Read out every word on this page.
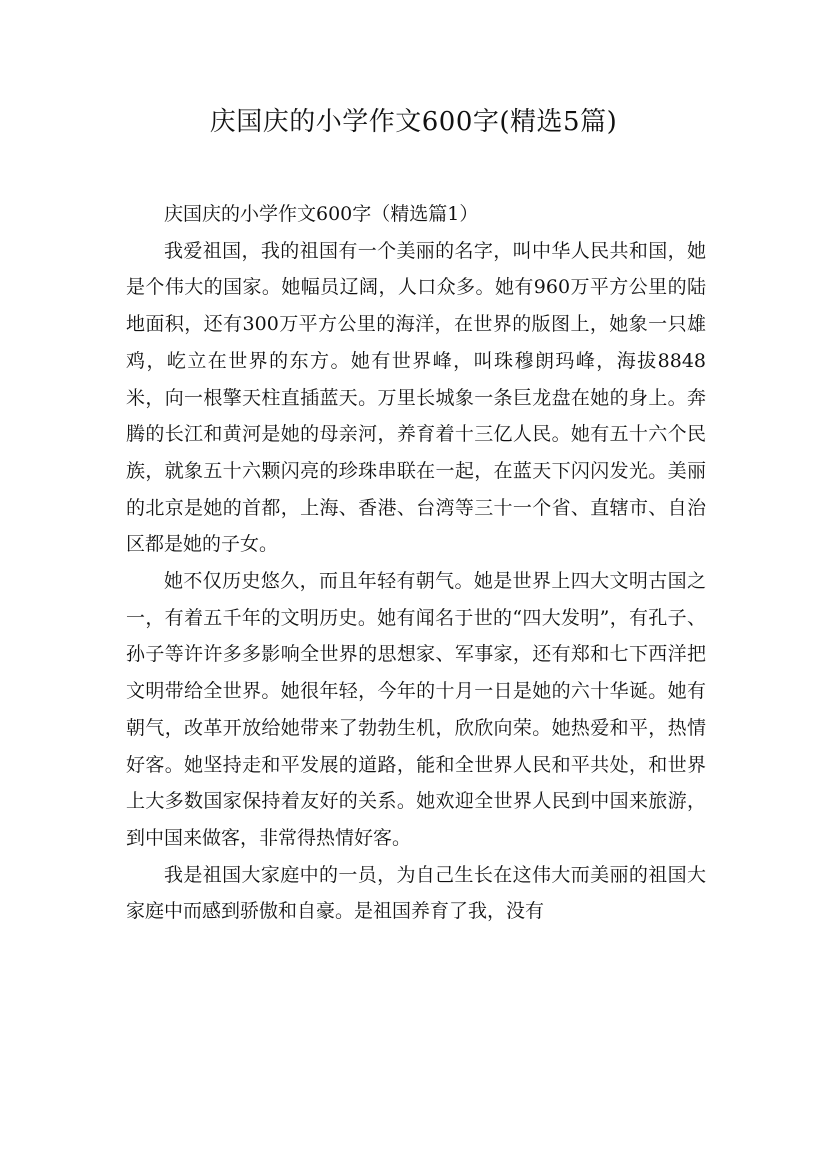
庆国庆的小学作文600字(精选5篇)
庆国庆的小学作文600字（精选篇1）

我爱祖国，我的祖国有一个美丽的名字，叫中华人民共和国，她是个伟大的国家。她幅员辽阔，人口众多。她有960万平方公里的陆地面积，还有300万平方公里的海洋，在世界的版图上，她象一只雄鸡，屹立在世界的东方。她有世界峰，叫珠穆朗玛峰，海拔8848米，向一根擎天柱直插蓝天。万里长城象一条巨龙盘在她的身上。奔腾的长江和黄河是她的母亲河，养育着十三亿人民。她有五十六个民族，就象五十六颗闪亮的珍珠串联在一起，在蓝天下闪闪发光。美丽的北京是她的首都，上海、香港、台湾等三十一个省、直辖市、自治区都是她的子女。

她不仅历史悠久，而且年轻有朝气。她是世界上四大文明古国之一，有着五千年的文明历史。她有闻名于世的“四大发明”，有孔子、孙子等许许多多影响全世界的思想家、军事家，还有郑和七下西洋把文明带给全世界。她很年轻，今年的十月一日是她的六十华诞。她有朝气，改革开放给她带来了勃勃生机，欣欣向荣。她热爱和平，热情好客。她坚持走和平发展的道路，能和全世界人民和平共处，和世界上大多数国家保持着友好的关系。她欢迎全世界人民到中国来旅游，到中国来做客，非常得热情好客。

我是祖国大家庭中的一员，为自己生长在这伟大而美丽的祖国大家庭中而感到骄傲和自豪。是祖国养育了我，没有
